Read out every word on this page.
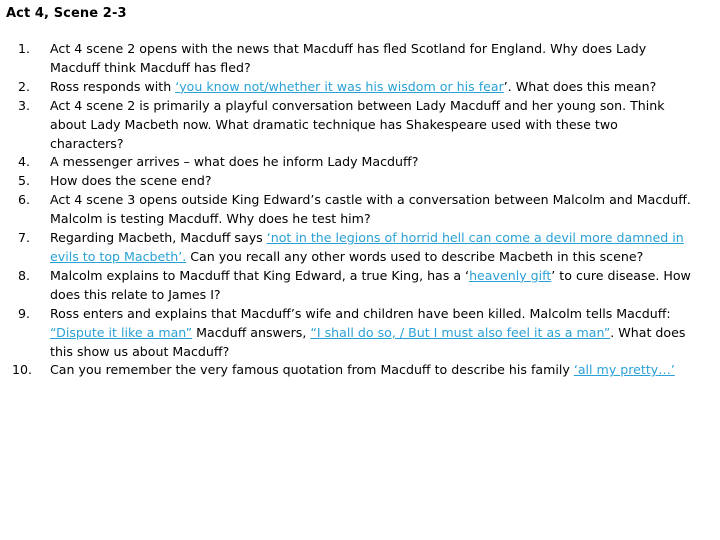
Act 4, Scene 2-3
1.	Act 4 scene 2 opens with the news that Macduff has fled Scotland for England. Why does Lady Macduff think Macduff has fled?
2.	Ross responds with ‘you know not/whether it was his wisdom or his fear’. What does this mean?
3.	Act 4 scene 2 is primarily a playful conversation between Lady Macduff and her young son. Think about Lady Macbeth now. What dramatic technique has Shakespeare used with these two characters?
4.	A messenger arrives – what does he inform Lady Macduff?
5.	How does the scene end?
6.	Act 4 scene 3 opens outside King Edward’s castle with a conversation between Malcolm and Macduff. Malcolm is testing Macduff. Why does he test him?
7.	Regarding Macbeth, Macduff says ‘not in the legions of horrid hell can come a devil more damned in evils to top Macbeth’. Can you recall any other words used to describe Macbeth in this scene?
8.	Malcolm explains to Macduff that King Edward, a true King, has a ‘heavenly gift’ to cure disease. How does this relate to James I?
9.	Ross enters and explains that Macduff’s wife and children have been killed. Malcolm tells Macduff: “Dispute it like a man” Macduff answers, “I shall do so, / But I must also feel it as a man”. What does this show us about Macduff?
10.	Can you remember the very famous quotation from Macduff to describe his family ‘all my pretty…’
